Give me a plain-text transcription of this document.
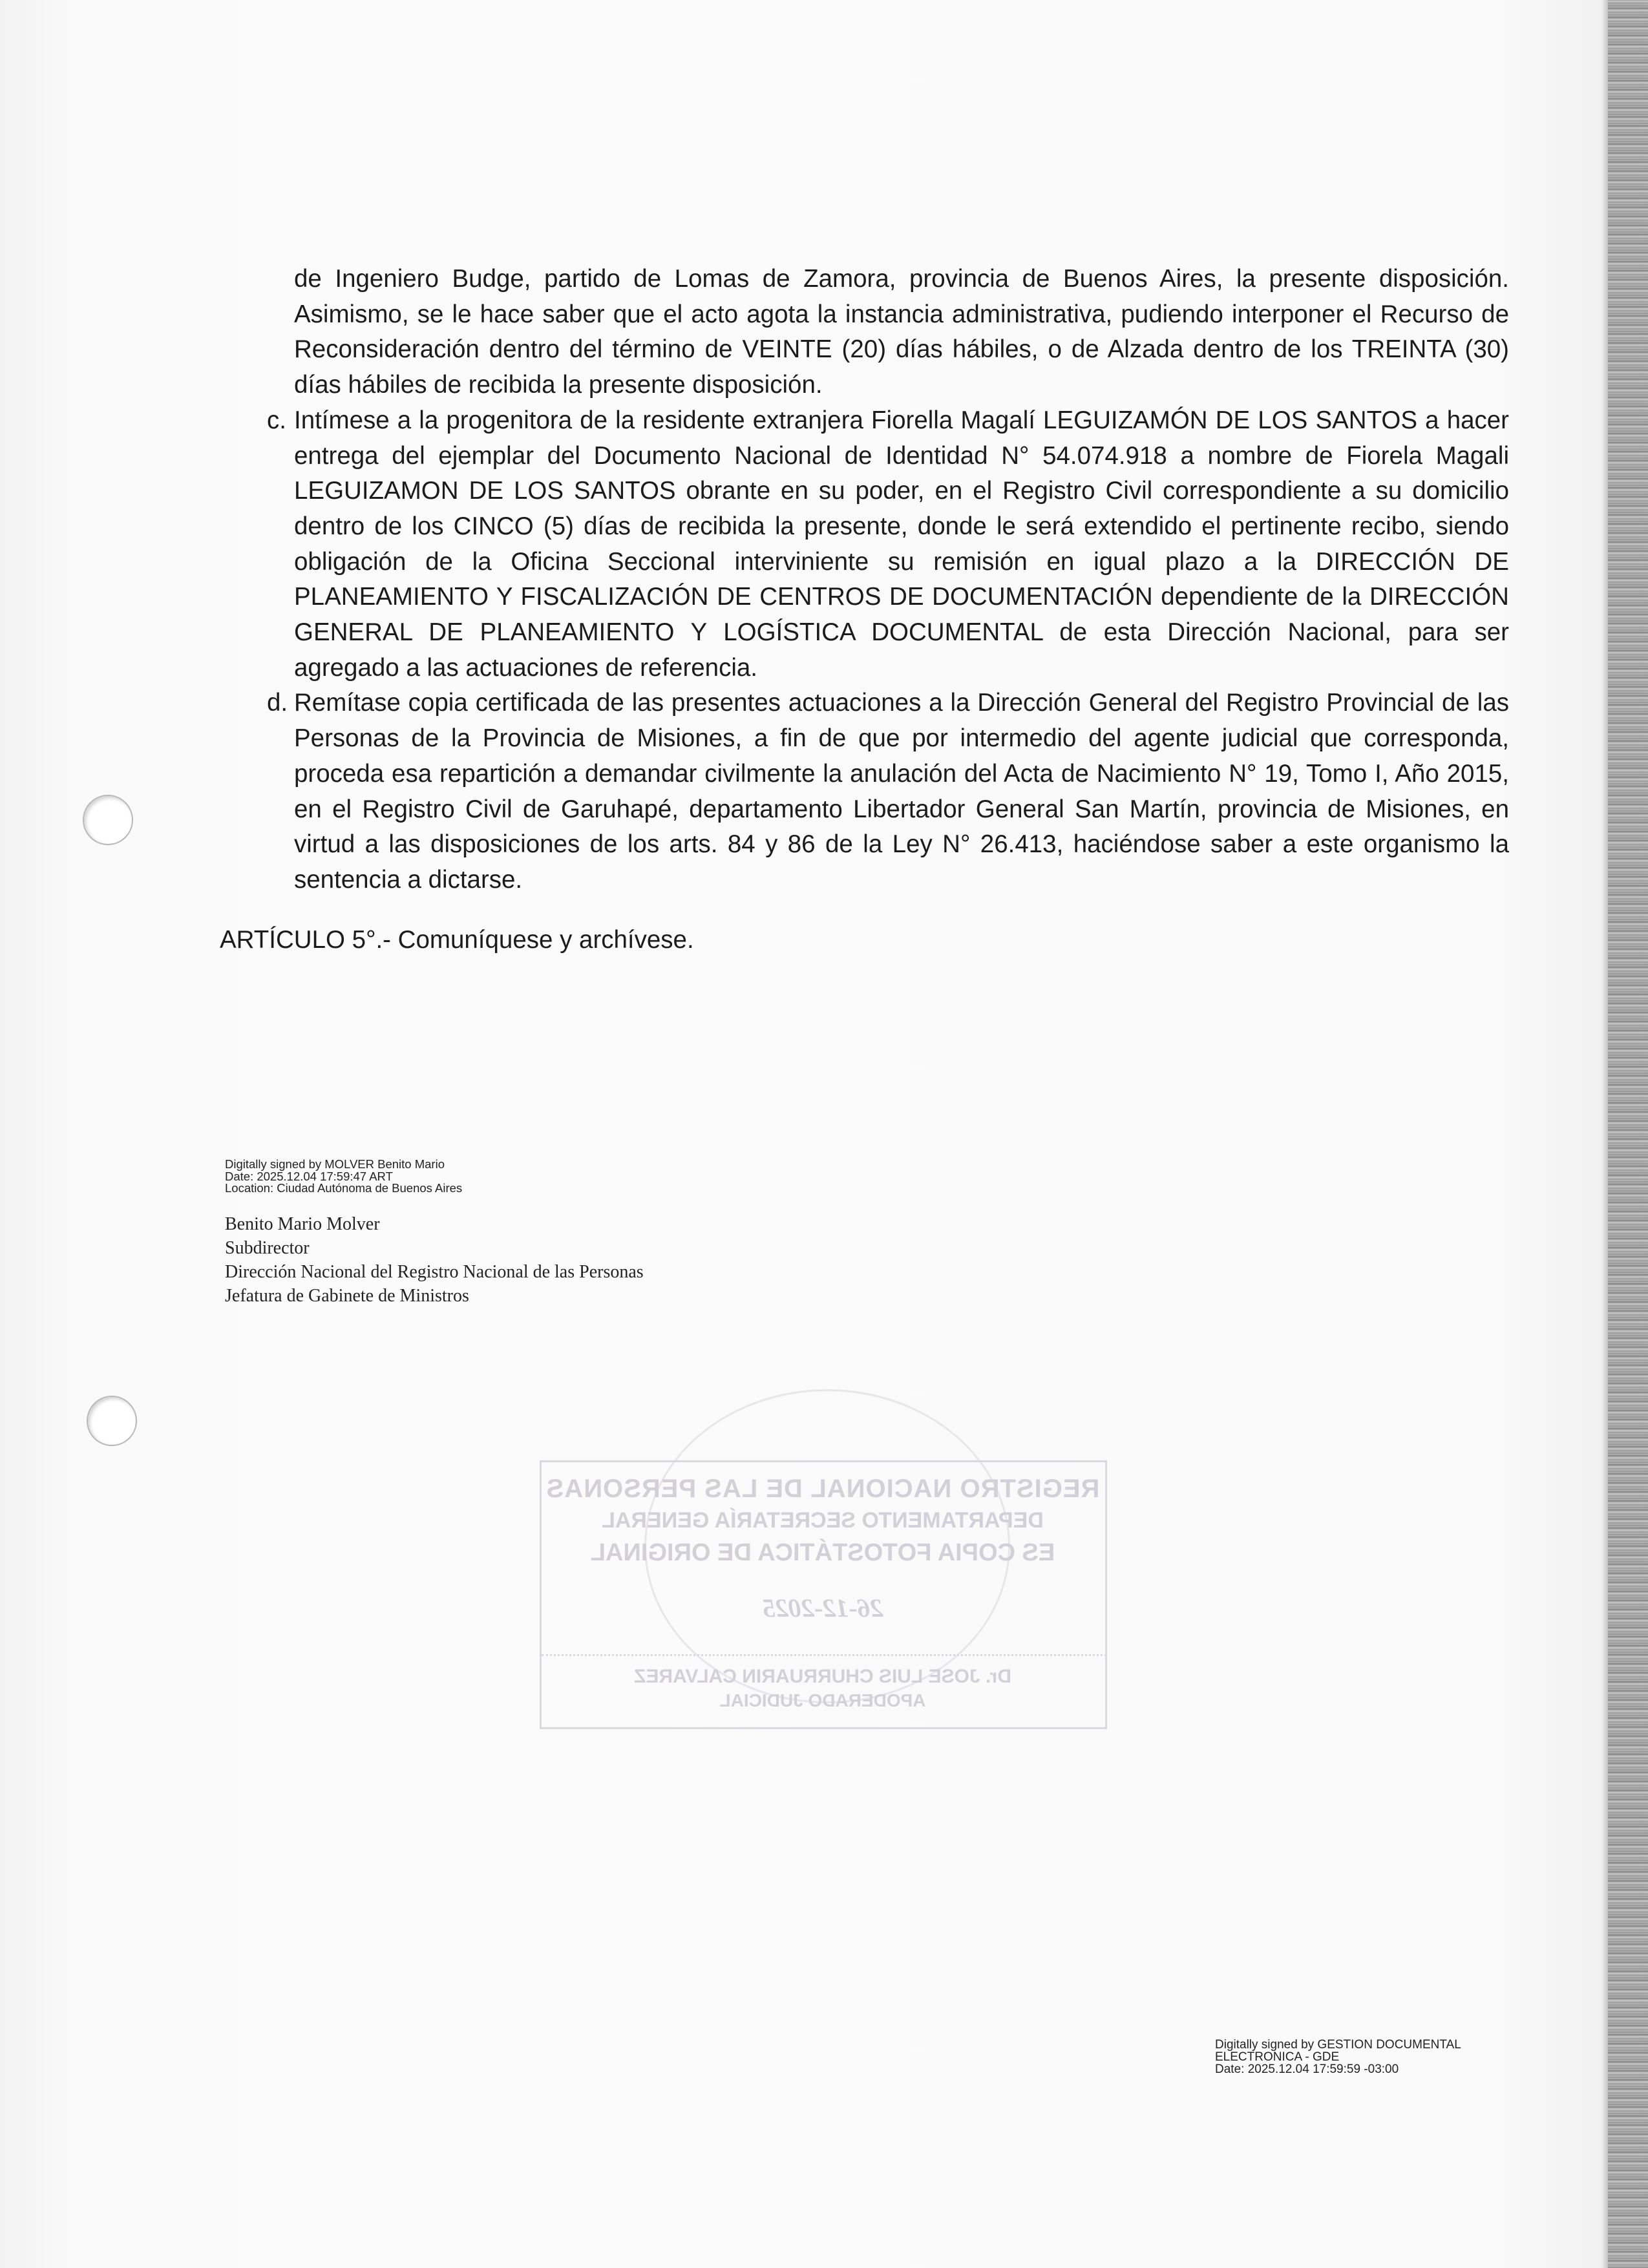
de Ingeniero Budge, partido de Lomas de Zamora, provincia de Buenos Aires, la presente disposición. Asimismo, se le hace saber que el acto agota la instancia administrativa, pudiendo interponer el Recurso de Reconsideración dentro del término de VEINTE (20) días hábiles, o de Alzada dentro de los TREINTA (30) días hábiles de recibida la presente disposición.

c. Intímese a la progenitora de la residente extranjera Fiorella Magalí LEGUIZAMÓN DE LOS SANTOS a hacer entrega del ejemplar del Documento Nacional de Identidad N° 54.074.918 a nombre de Fiorela Magali LEGUIZAMON DE LOS SANTOS obrante en su poder, en el Registro Civil correspondiente a su domicilio dentro de los CINCO (5) días de recibida la presente, donde le será extendido el pertinente recibo, siendo obligación de la Oficina Seccional interviniente su remisión en igual plazo a la DIRECCIÓN DE PLANEAMIENTO Y FISCALIZACIÓN DE CENTROS DE DOCUMENTACIÓN dependiente de la DIRECCIÓN GENERAL DE PLANEAMIENTO Y LOGÍSTICA DOCUMENTAL de esta Dirección Nacional, para ser agregado a las actuaciones de referencia.

d. Remítase copia certificada de las presentes actuaciones a la Dirección General del Registro Provincial de las Personas de la Provincia de Misiones, a fin de que por intermedio del agente judicial que corresponda, proceda esa repartición a demandar civilmente la anulación del Acta de Nacimiento N° 19, Tomo I, Año 2015, en el Registro Civil de Garuhapé, departamento Libertador General San Martín, provincia de Misiones, en virtud a las disposiciones de los arts. 84 y 86 de la Ley N° 26.413, haciéndose saber a este organismo la sentencia a dictarse.

ARTÍCULO 5°.- Comuníquese y archívese.

Digitally signed by MOLVER Benito Mario
Date: 2025.12.04 17:59:47 ART
Location: Ciudad Autónoma de Buenos Aires
Benito Mario Molver
Subdirector
Dirección Nacional del Registro Nacional de las Personas
Jefatura de Gabinete de Ministros
REGISTRO NACIONAL DE LAS PERSONAS
DEPARTAMENTO SECRETARÍA GENERAL
ES COPIA FOTOSTÁTICA DE ORIGINAL
26-12-2025
Dr. JOSE LUIS CHURRUARIN CALVAREZ
APODERADO JUDICIAL
Digitally signed by GESTION DOCUMENTAL
ELECTRONICA - GDE
Date: 2025.12.04 17:59:59 -03:00
